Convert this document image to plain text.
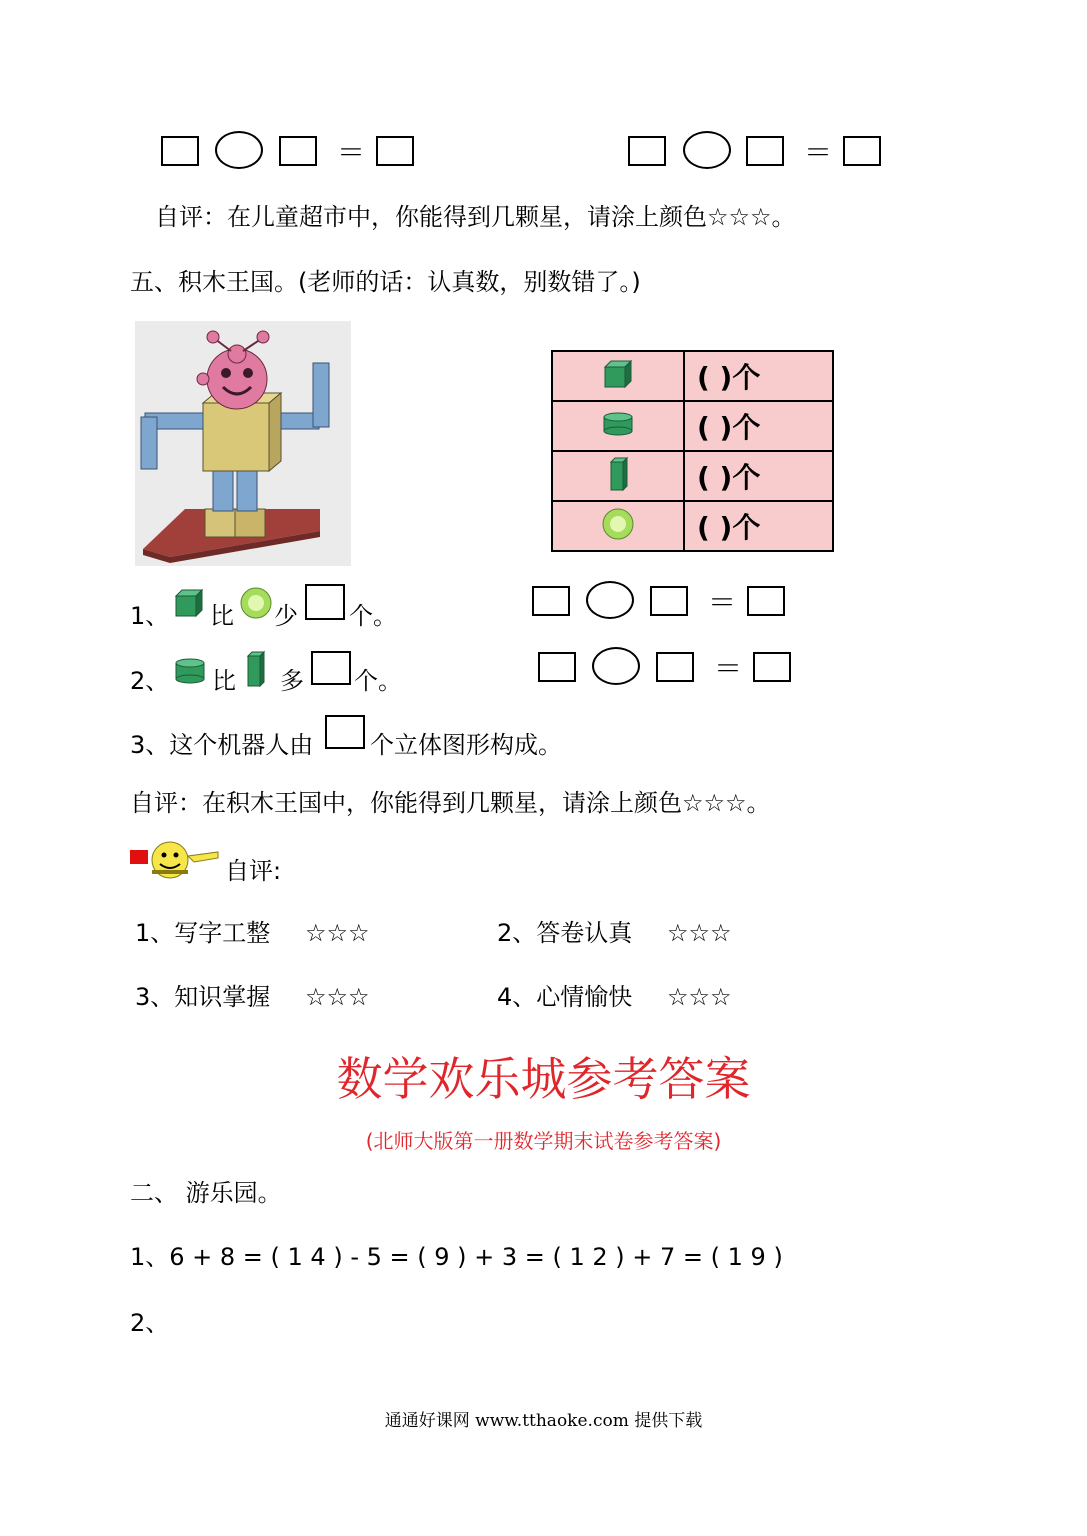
＝	＝
自评：在儿童超市中，你能得到几颗星，请涂上颜色☆☆☆。
五、积木王国。(老师的话：认真数，别数错了。)
	( )个
	( )个
	( )个
	( )个
1、 比 少 个。	＝
2、 比 多 个。	＝
3、这个机器人由 个立体图形构成。
自评：在积木王国中，你能得到几颗星，请涂上颜色☆☆☆。
自评:
1、写字工整 ☆☆☆	2、答卷认真 ☆☆☆
3、知识掌握 ☆☆☆	4、心情愉快 ☆☆☆
数学欢乐城参考答案
(北师大版第一册数学期末试卷参考答案)
二、 游乐园。
1、6 + 8 = ( 1 4 ) - 5 = ( 9 ) + 3 = ( 1 2 ) + 7 = ( 1 9 )
2、
通通好课网 www.tthaoke.com 提供下载
